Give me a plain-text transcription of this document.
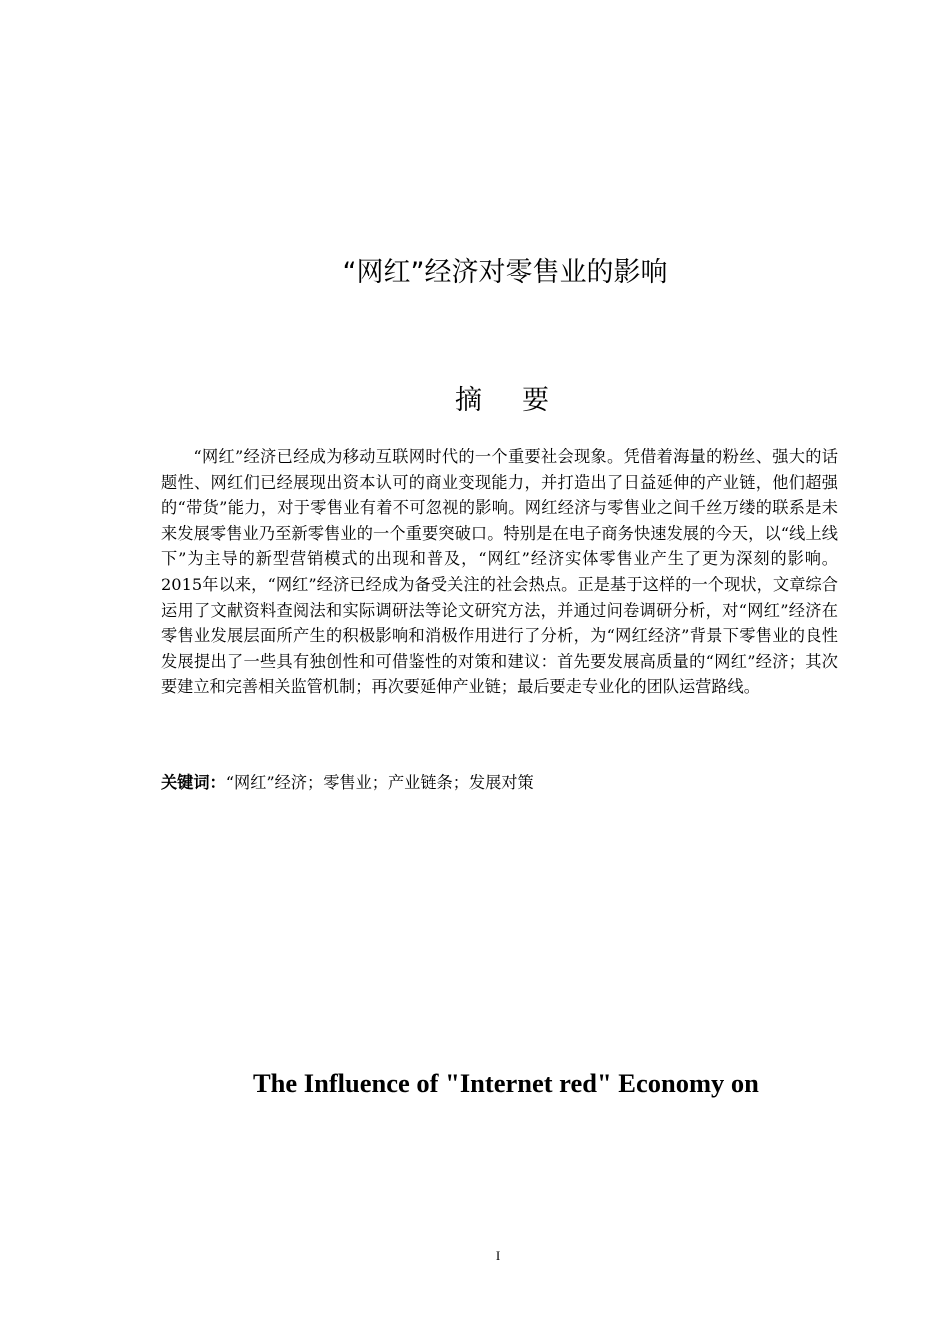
“网红”经济对零售业的影响
摘要

“网红”经济已经成为移动互联网时代的一个重要社会现象。凭借着海量的粉丝、强大的话题性、网红们已经展现出资本认可的商业变现能力，并打造出了日益延伸的产业链，他们超强的“带货”能力，对于零售业有着不可忽视的影响。网红经济与零售业之间千丝万缕的联系是未来发展零售业乃至新零售业的一个重要突破口。特别是在电子商务快速发展的今天，以“线上线下”为主导的新型营销模式的出现和普及，“网红”经济实体零售业产生了更为深刻的影响。2015年以来，“网红”经济已经成为备受关注的社会热点。正是基于这样的一个现状，文章综合运用了文献资料查阅法和实际调研法等论文研究方法，并通过问卷调研分析，对“网红”经济在零售业发展层面所产生的积极影响和消极作用进行了分析，为“网红经济”背景下零售业的良性发展提出了一些具有独创性和可借鉴性的对策和建议：首先要发展高质量的“网红”经济；其次要建立和完善相关监管机制；再次要延伸产业链；最后要走专业化的团队运营路线。

关键词：“网红”经济；零售业；产业链条；发展对策
The Influence of "Internet red" Economy on
I
